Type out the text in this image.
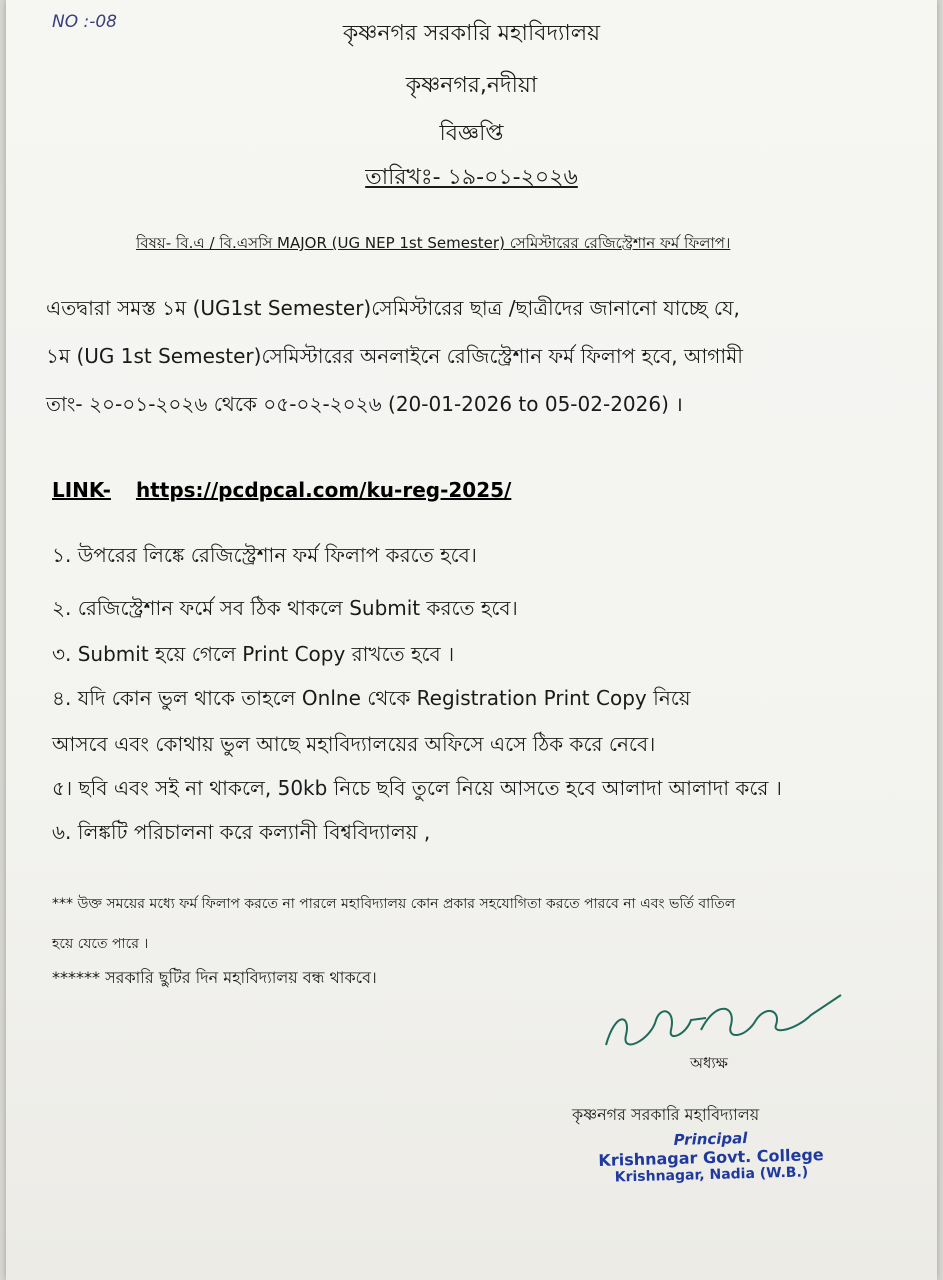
NO :-08	কৃষ্ণনগর সরকারি মহাবিদ্যালয়
কৃষ্ণনগর,নদীয়া
বিজ্ঞপ্তি
তারিখঃ- ১৯-০১-২০২৬
বিষয়- বি.এ / বি.এসসি MAJOR (UG NEP 1st Semester) সেমিস্টারের রেজিস্ট্রেশান ফর্ম ফিলাপ।
এতদ্বারা সমস্ত ১ম (UG1st Semester)সেমিস্টারের ছাত্র /ছাত্রীদের জানানো যাচ্ছে যে,
১ম (UG 1st Semester)সেমিস্টারের অনলাইনে রেজিস্ট্রেশান ফর্ম ফিলাপ হবে, আগামী
তাং- ২০-০১-২০২৬ থেকে ০৫-০২-২০২৬ (20-01-2026 to 05-02-2026) ।
LINK- https://pcdpcal.com/ku-reg-2025/
১. উপরের লিঙ্কে রেজিস্ট্রেশান ফর্ম ফিলাপ করতে হবে।
২. রেজিস্ট্রেশান ফর্মে সব ঠিক থাকলে Submit করতে হবে।
৩. Submit হয়ে গেলে Print Copy রাখতে হবে ।
৪. যদি কোন ভুল থাকে তাহলে Onlne থেকে Registration Print Copy নিয়ে
আসবে এবং কোথায় ভুল আছে মহাবিদ্যালয়ের অফিসে এসে ঠিক করে নেবে।
৫। ছবি এবং সই না থাকলে, 50kb নিচে ছবি তুলে নিয়ে আসতে হবে আলাদা আলাদা করে ।
৬. লিঙ্কটি পরিচালনা করে কল্যানী বিশ্ববিদ্যালয় ,
*** উক্ত সময়ের মধ্যে ফর্ম ফিলাপ করতে না পারলে মহাবিদ্যালয় কোন প্রকার সহযোগিতা করতে পারবে না এবং ভর্তি বাতিল
হয়ে যেতে পারে ।
****** সরকারি ছুটির দিন মহাবিদ্যালয় বন্ধ থাকবে।
অধ্যক্ষ
কৃষ্ণনগর সরকারি মহাবিদ্যালয়
Principal
Krishnagar Govt. College
Krishnagar, Nadia (W.B.)
